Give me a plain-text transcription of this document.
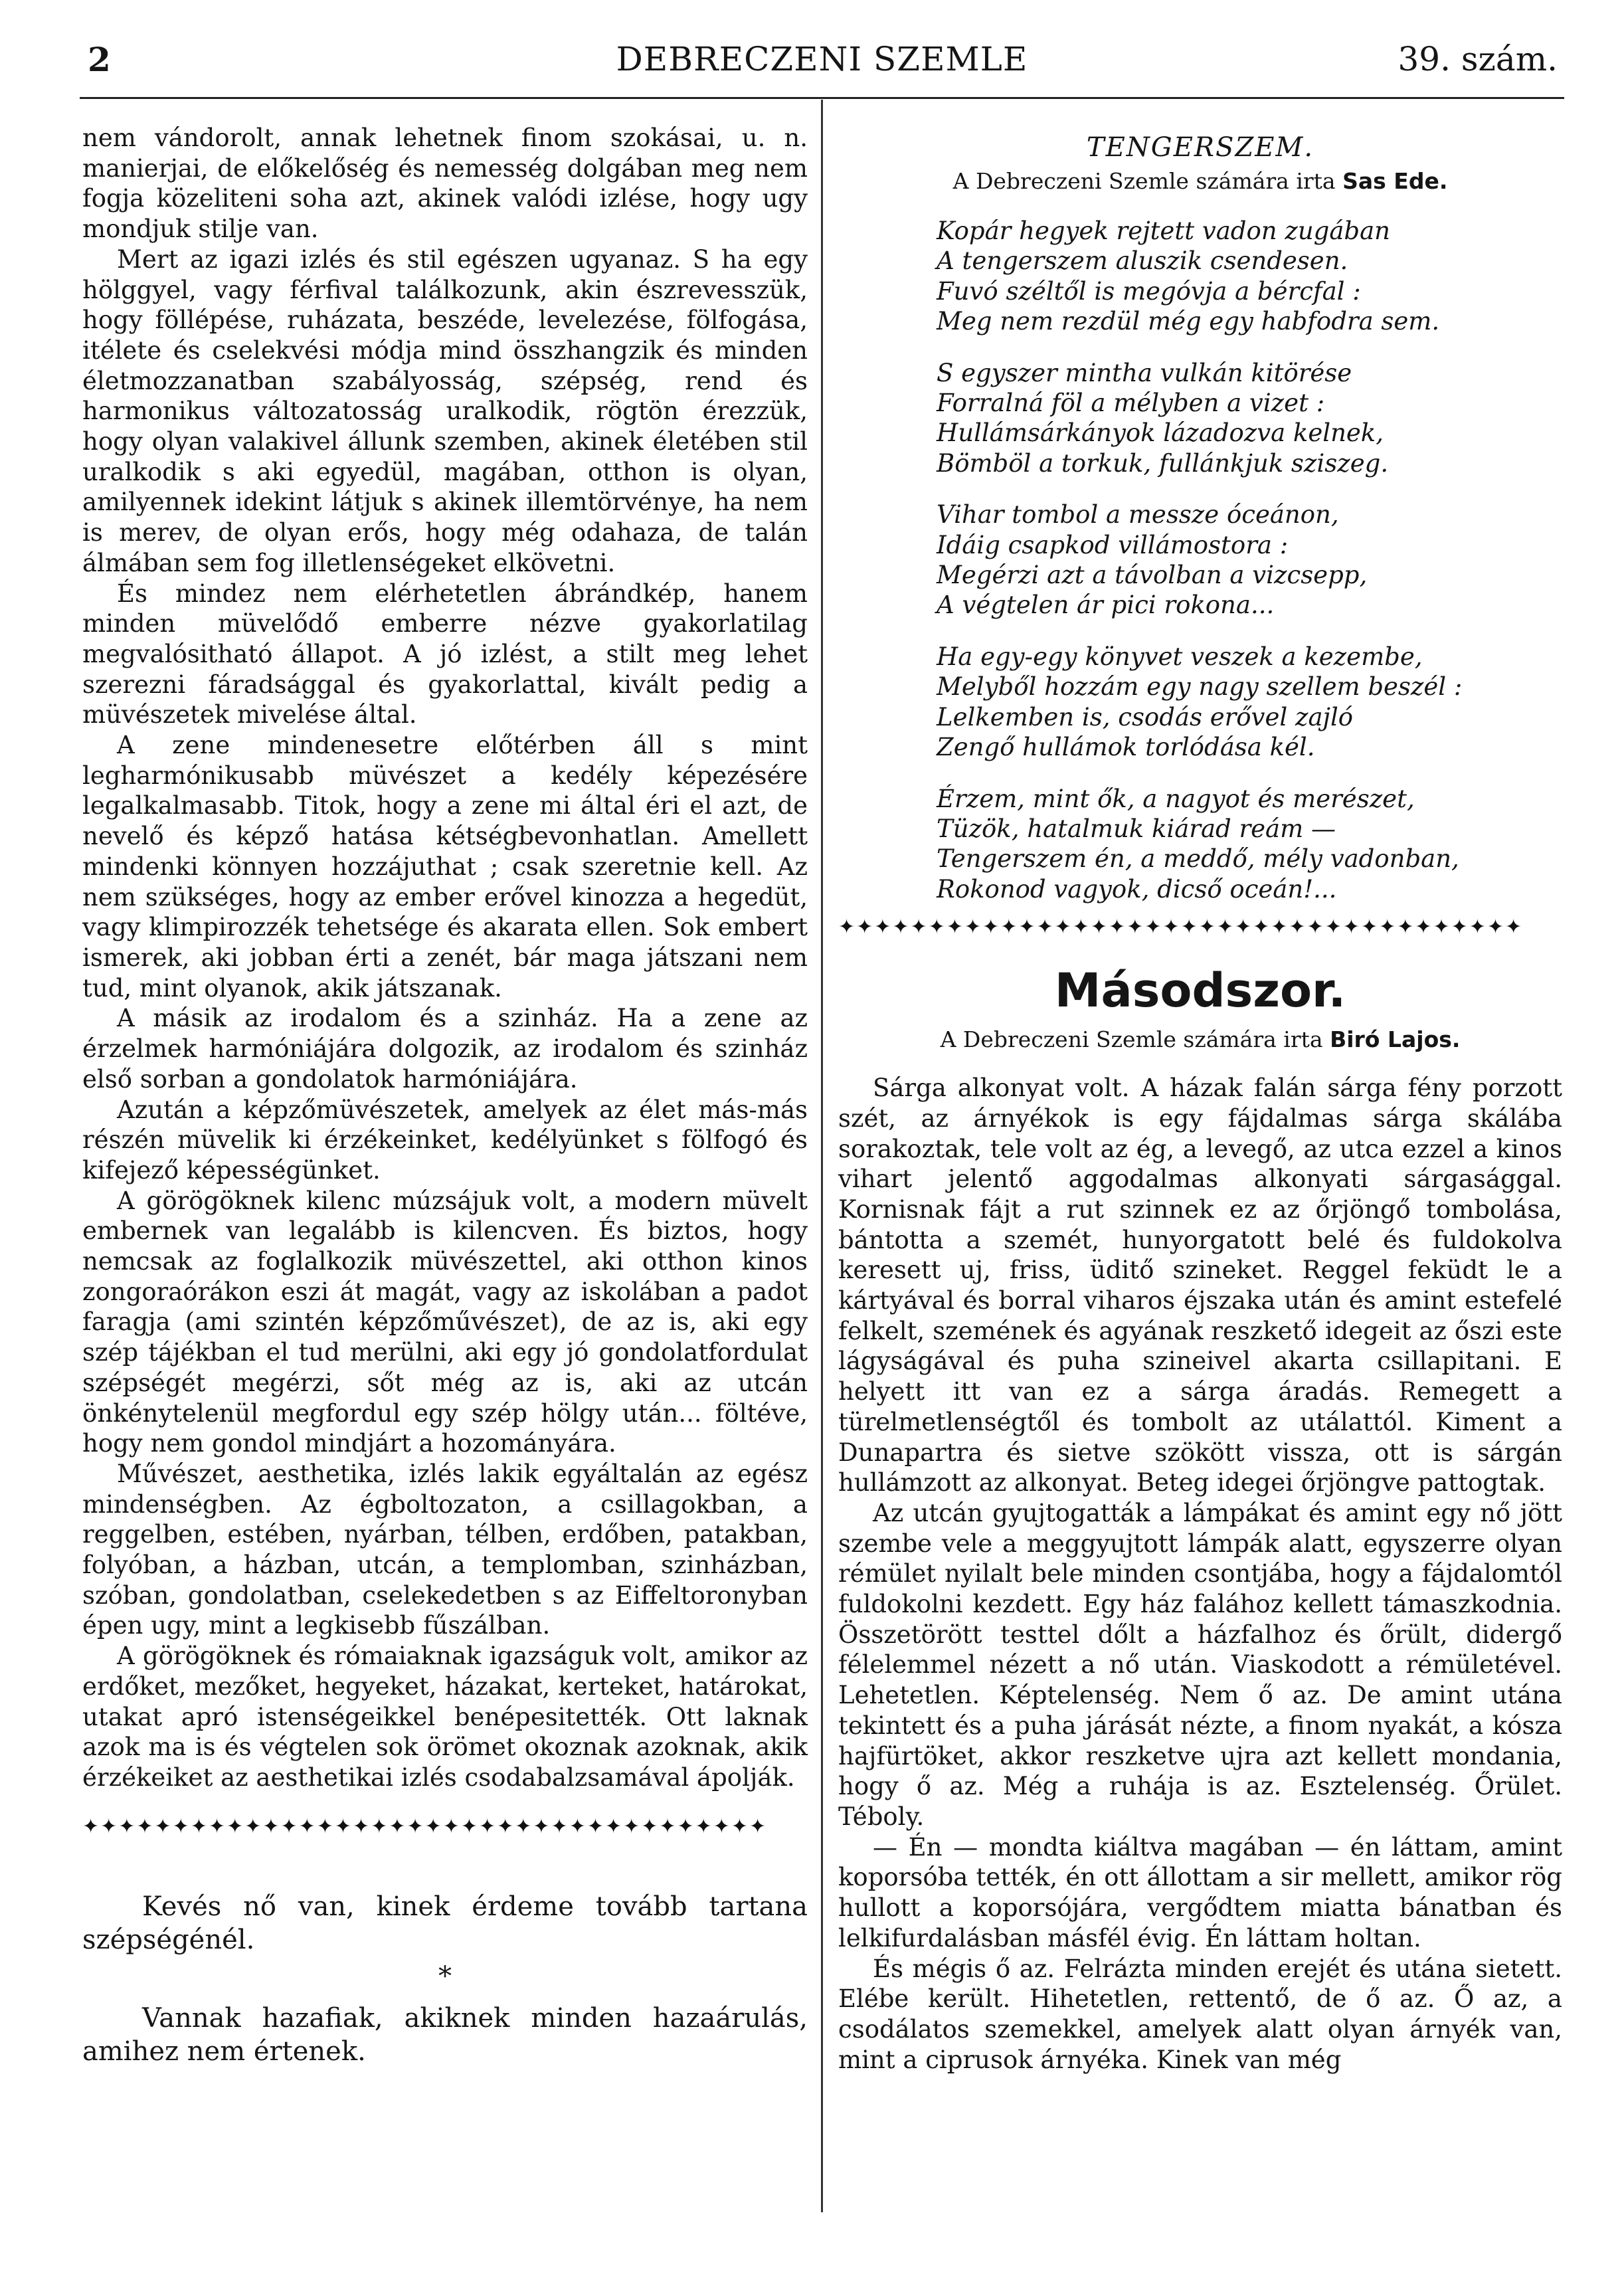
2	DEBRECZENI SZEMLE	39. szám.

nem vándorolt, annak lehetnek finom szokásai, u. n. manierjai, de előkelőség és nemesség dolgában meg nem fogja közeliteni soha azt, akinek valódi izlése, hogy ugy mondjuk stilje van.

Mert az igazi izlés és stil egészen ugyanaz. S ha egy hölggyel, vagy férfival találkozunk, akin észrevesszük, hogy föllépése, ruházata, beszéde, levelezése, fölfogása, itélete és cselekvési módja mind összhangzik és minden életmozzanatban szabályosság, szépség, rend és harmonikus változatosság uralkodik, rögtön érezzük, hogy olyan valakivel állunk szemben, akinek életében stil uralkodik s aki egyedül, magában, otthon is olyan, amilyennek idekint látjuk s akinek illemtörvénye, ha nem is merev, de olyan erős, hogy még odahaza, de talán álmában sem fog illetlenségeket elkövetni.

És mindez nem elérhetetlen ábrándkép, hanem minden müvelődő emberre nézve gyakorlatilag megvalósitható állapot. A jó izlést, a stilt meg lehet szerezni fáradsággal és gyakorlattal, kivált pedig a müvészetek mivelése által.

A zene mindenesetre előtérben áll s mint legharmónikusabb müvészet a kedély képezésére legalkalmasabb. Titok, hogy a zene mi által éri el azt, de nevelő és képző hatása kétségbevonhatlan. Amellett mindenki könnyen hozzájuthat ; csak szeretnie kell. Az nem szükséges, hogy az ember erővel kinozza a hegedüt, vagy klimpirozzék tehetsége és akarata ellen. Sok embert ismerek, aki jobban érti a zenét, bár maga játszani nem tud, mint olyanok, akik játszanak.

A másik az irodalom és a szinház. Ha a zene az érzelmek harmóniájára dolgozik, az irodalom és szinház első sorban a gondolatok harmóniájára.

Azután a képzőmüvészetek, amelyek az élet más-más részén müvelik ki érzékeinket, kedélyünket s fölfogó és kifejező képességünket.

A görögöknek kilenc múzsájuk volt, a modern müvelt embernek van legalább is kilencven. És biztos, hogy nemcsak az foglalkozik müvészettel, aki otthon kinos zongoraórákon eszi át magát, vagy az iskolában a padot faragja (ami szintén képzőművészet), de az is, aki egy szép tájékban el tud merülni, aki egy jó gondolatfordulat szépségét megérzi, sőt még az is, aki az utcán önkénytelenül megfordul egy szép hölgy után... föltéve, hogy nem gondol mindjárt a hozományára.

Művészet, aesthetika, izlés lakik egyáltalán az egész mindenségben. Az égboltozaton, a csillagokban, a reggelben, estében, nyárban, télben, erdőben, patakban, folyóban, a házban, utcán, a templomban, szinházban, szóban, gondolatban, cselekedetben s az Eiffeltoronyban épen ugy, mint a legkisebb fűszálban.

A görögöknek és rómaiaknak igazságuk volt, amikor az erdőket, mezőket, hegyeket, házakat, kerteket, határokat, utakat apró istenségeikkel benépesitették. Ott laknak azok ma is és végtelen sok örömet okoznak azoknak, akik érzékeiket az aesthetikai izlés csodabalzsamával ápolják.

✦✦✦✦✦✦✦✦✦✦✦✦✦✦✦✦✦✦✦✦✦✦✦✦✦✦✦✦✦✦✦✦✦✦✦✦✦✦

Kevés nő van, kinek érdeme tovább tartana szépségénél.

*

Vannak hazafiak, akiknek minden hazaárulás, amihez nem értenek.

TENGERSZEM.

A Debreczeni Szemle számára irta Sas Ede.

Kopár hegyek rejtett vadon zugában
A tengerszem aluszik csendesen.
Fuvó széltől is megóvja a bércfal :
Meg nem rezdül még egy habfodra sem.
S egyszer mintha vulkán kitörése
Forralná föl a mélyben a vizet :
Hullámsárkányok lázadozva kelnek,
Bömböl a torkuk, fullánkjuk sziszeg.
Vihar tombol a messze óceánon,
Idáig csapkod villámostora :
Megérzi azt a távolban a vizcsepp,
A végtelen ár pici rokona...
Ha egy-egy könyvet veszek a kezembe,
Melyből hozzám egy nagy szellem beszél :
Lelkemben is, csodás erővel zajló
Zengő hullámok torlódása kél.
Érzem, mint ők, a nagyot és merészet,
Tüzök, hatalmuk kiárad reám —
Tengerszem én, a meddő, mély vadonban,
Rokonod vagyok, dicső oceán!...

✦✦✦✦✦✦✦✦✦✦✦✦✦✦✦✦✦✦✦✦✦✦✦✦✦✦✦✦✦✦✦✦✦✦✦✦✦✦

Másodszor.

A Debreczeni Szemle számára irta Biró Lajos.

Sárga alkonyat volt. A házak falán sárga fény porzott szét, az árnyékok is egy fájdalmas sárga skálába sorakoztak, tele volt az ég, a levegő, az utca ezzel a kinos vihart jelentő aggodalmas alkonyati sárgasággal. Kornisnak fájt a rut szinnek ez az őrjöngő tombolása, bántotta a szemét, hunyorgatott belé és fuldokolva keresett uj, friss, üditő szineket. Reggel feküdt le a kártyával és borral viharos éjszaka után és amint estefelé felkelt, szemének és agyának reszkető idegeit az őszi este lágyságával és puha szineivel akarta csillapitani. E helyett itt van ez a sárga áradás. Remegett a türelmetlenségtől és tombolt az utálattól. Kiment a Dunapartra és sietve szökött vissza, ott is sárgán hullámzott az alkonyat. Beteg idegei őrjöngve pattogtak.

Az utcán gyujtogatták a lámpákat és amint egy nő jött szembe vele a meggyujtott lámpák alatt, egyszerre olyan rémület nyilalt bele minden csontjába, hogy a fájdalomtól fuldokolni kezdett. Egy ház falához kellett támaszkodnia. Összetörött testtel dőlt a házfalhoz és őrült, didergő félelemmel nézett a nő után. Viaskodott a rémületével. Lehetetlen. Képtelenség. Nem ő az. De amint utána tekintett és a puha járását nézte, a finom nyakát, a kósza hajfürtöket, akkor reszketve ujra azt kellett mondania, hogy ő az. Még a ruhája is az. Esztelenség. Őrület. Téboly.

— Én — mondta kiáltva magában — én láttam, amint koporsóba tették, én ott állottam a sir mellett, amikor rög hullott a koporsójára, vergődtem miatta bánatban és lelkifurdalásban másfél évig. Én láttam holtan.

És mégis ő az. Felrázta minden erejét és utána sietett. Elébe került. Hihetetlen, rettentő, de ő az. Ő az, a csodálatos szemekkel, amelyek alatt olyan árnyék van, mint a ciprusok árnyéka. Kinek van még
